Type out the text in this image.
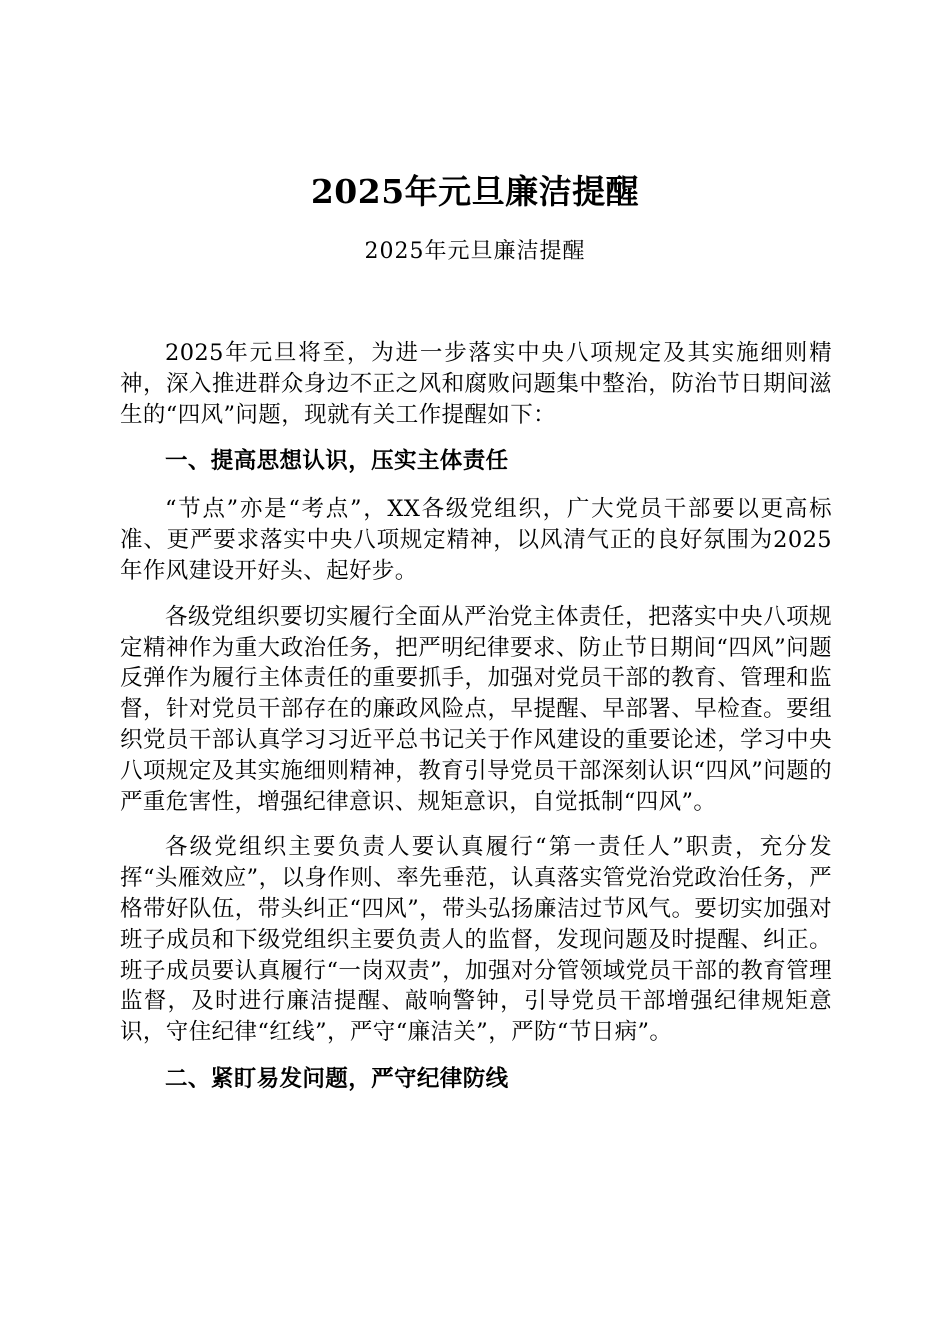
2025年元旦廉洁提醒
2025年元旦廉洁提醒

2025年元旦将至，为进一步落实中央八项规定及其实施细则精神，深入推进群众身边不正之风和腐败问题集中整治，防治节日期间滋生的“四风”问题，现就有关工作提醒如下：

一、提高思想认识，压实主体责任

“节点”亦是“考点”，XX各级党组织，广大党员干部要以更高标准、更严要求落实中央八项规定精神，以风清气正的良好氛围为2025年作风建设开好头、起好步。

各级党组织要切实履行全面从严治党主体责任，把落实中央八项规定精神作为重大政治任务，把严明纪律要求、防止节日期间“四风”问题反弹作为履行主体责任的重要抓手，加强对党员干部的教育、管理和监督，针对党员干部存在的廉政风险点，早提醒、早部署、早检查。要组织党员干部认真学习习近平总书记关于作风建设的重要论述，学习中央八项规定及其实施细则精神，教育引导党员干部深刻认识“四风”问题的严重危害性，增强纪律意识、规矩意识，自觉抵制“四风”。

各级党组织主要负责人要认真履行“第一责任人”职责，充分发挥“头雁效应”，以身作则、率先垂范，认真落实管党治党政治任务，严格带好队伍，带头纠正“四风”，带头弘扬廉洁过节风气。要切实加强对班子成员和下级党组织主要负责人的监督，发现问题及时提醒、纠正。班子成员要认真履行“一岗双责”，加强对分管领域党员干部的教育管理监督，及时进行廉洁提醒、敲响警钟，引导党员干部增强纪律规矩意识，守住纪律“红线”，严守“廉洁关”，严防“节日病”。

二、紧盯易发问题，严守纪律防线
